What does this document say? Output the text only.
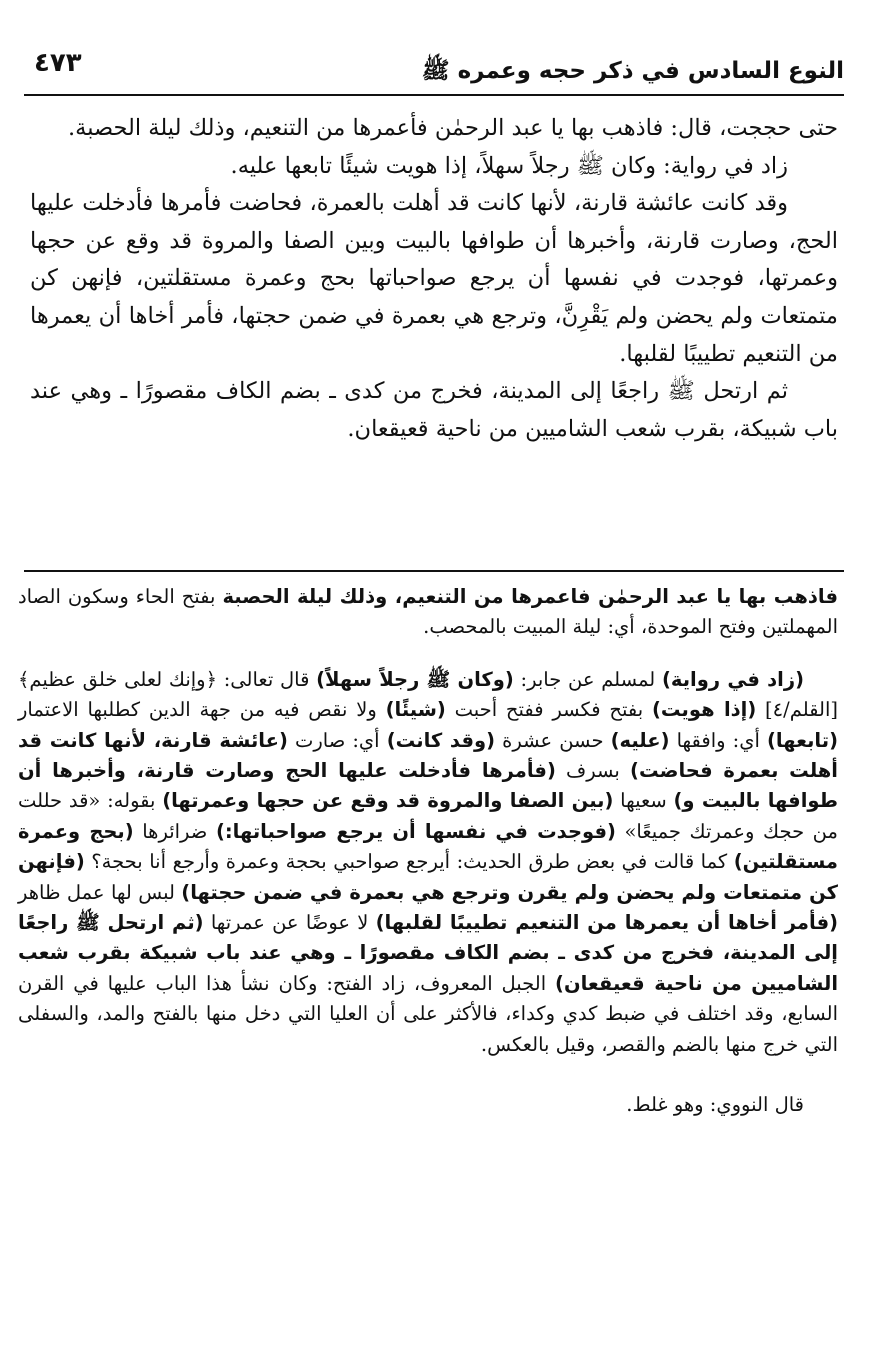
النوع السادس في ذكر حجه وعمره ﷺ
٤٧٣

حتى حججت، قال: فاذهب بها يا عبد الرحمٰن فأعمرها من التنعيم، وذلك ليلة الحصبة.

زاد في رواية: وكان ﷺ رجلاً سهلاً، إذا هويت شيئًا تابعها عليه.

وقد كانت عائشة قارنة، لأنها كانت قد أهلت بالعمرة، فحاضت فأمرها فأدخلت عليها الحج، وصارت قارنة، وأخبرها أن طوافها بالبيت وبين الصفا والمروة قد وقع عن حجها وعمرتها، فوجدت في نفسها أن يرجع صواحباتها بحج وعمرة مستقلتين، فإنهن كن متمتعات ولم يحضن ولم يَقْرِنَّ، وترجع هي بعمرة في ضمن حجتها، فأمر أخاها أن يعمرها من التنعيم تطييبًا لقلبها.

ثم ارتحل ﷺ راجعًا إلى المدينة، فخرج من كدى ـ بضم الكاف مقصورًا ـ وهي عند باب شبيكة، بقرب شعب الشاميين من ناحية قعيقعان.

فاذهب بها يا عبد الرحمٰن فاعمرها من التنعيم، وذلك ليلة الحصبة بفتح الحاء وسكون الصاد المهملتين وفتح الموحدة، أي: ليلة المبيت بالمحصب.

(زاد في رواية) لمسلم عن جابر: (وكان ﷺ رجلاً سهلاً) قال تعالى: ﴿وإنك لعلى خلق عظيم﴾ [القلم/٤] (إذا هويت) بفتح فكسر ففتح أحبت (شيئًا) ولا نقص فيه من جهة الدين كطلبها الاعتمار (تابعها) أي: وافقها (عليه) حسن عشرة (وقد كانت) أي: صارت (عائشة قارنة، لأنها كانت قد أهلت بعمرة فحاضت) بسرف (فأمرها فأدخلت عليها الحج وصارت قارنة، وأخبرها أن طوافها بالبيت و) سعيها (بين الصفا والمروة قد وقع عن حجها وعمرتها) بقوله: «قد حللت من حجك وعمرتك جميعًا» (فوجدت في نفسها أن يرجع صواحباتها:) ضرائرها (بحج وعمرة مستقلتين) كما قالت في بعض طرق الحديث: أيرجع صواحبي بحجة وعمرة وأرجع أنا بحجة؟ (فإنهن كن متمتعات ولم يحضن ولم يقرن وترجع هي بعمرة في ضمن حجتها) لبس لها عمل ظاهر (فأمر أخاها أن يعمرها من التنعيم تطييبًا لقلبها) لا عوضًا عن عمرتها (ثم ارتحل ﷺ راجعًا إلى المدينة، فخرج من كدى ـ بضم الكاف مقصورًا ـ وهي عند باب شبيكة بقرب شعب الشاميين من ناحية قعيقعان) الجبل المعروف، زاد الفتح: وكان نشأ هذا الباب عليها في القرن السابع، وقد اختلف في ضبط كدي وكداء، فالأكثر على أن العليا التي دخل منها بالفتح والمد، والسفلى التي خرج منها بالضم والقصر، وقيل بالعكس.

قال النووي: وهو غلط.
